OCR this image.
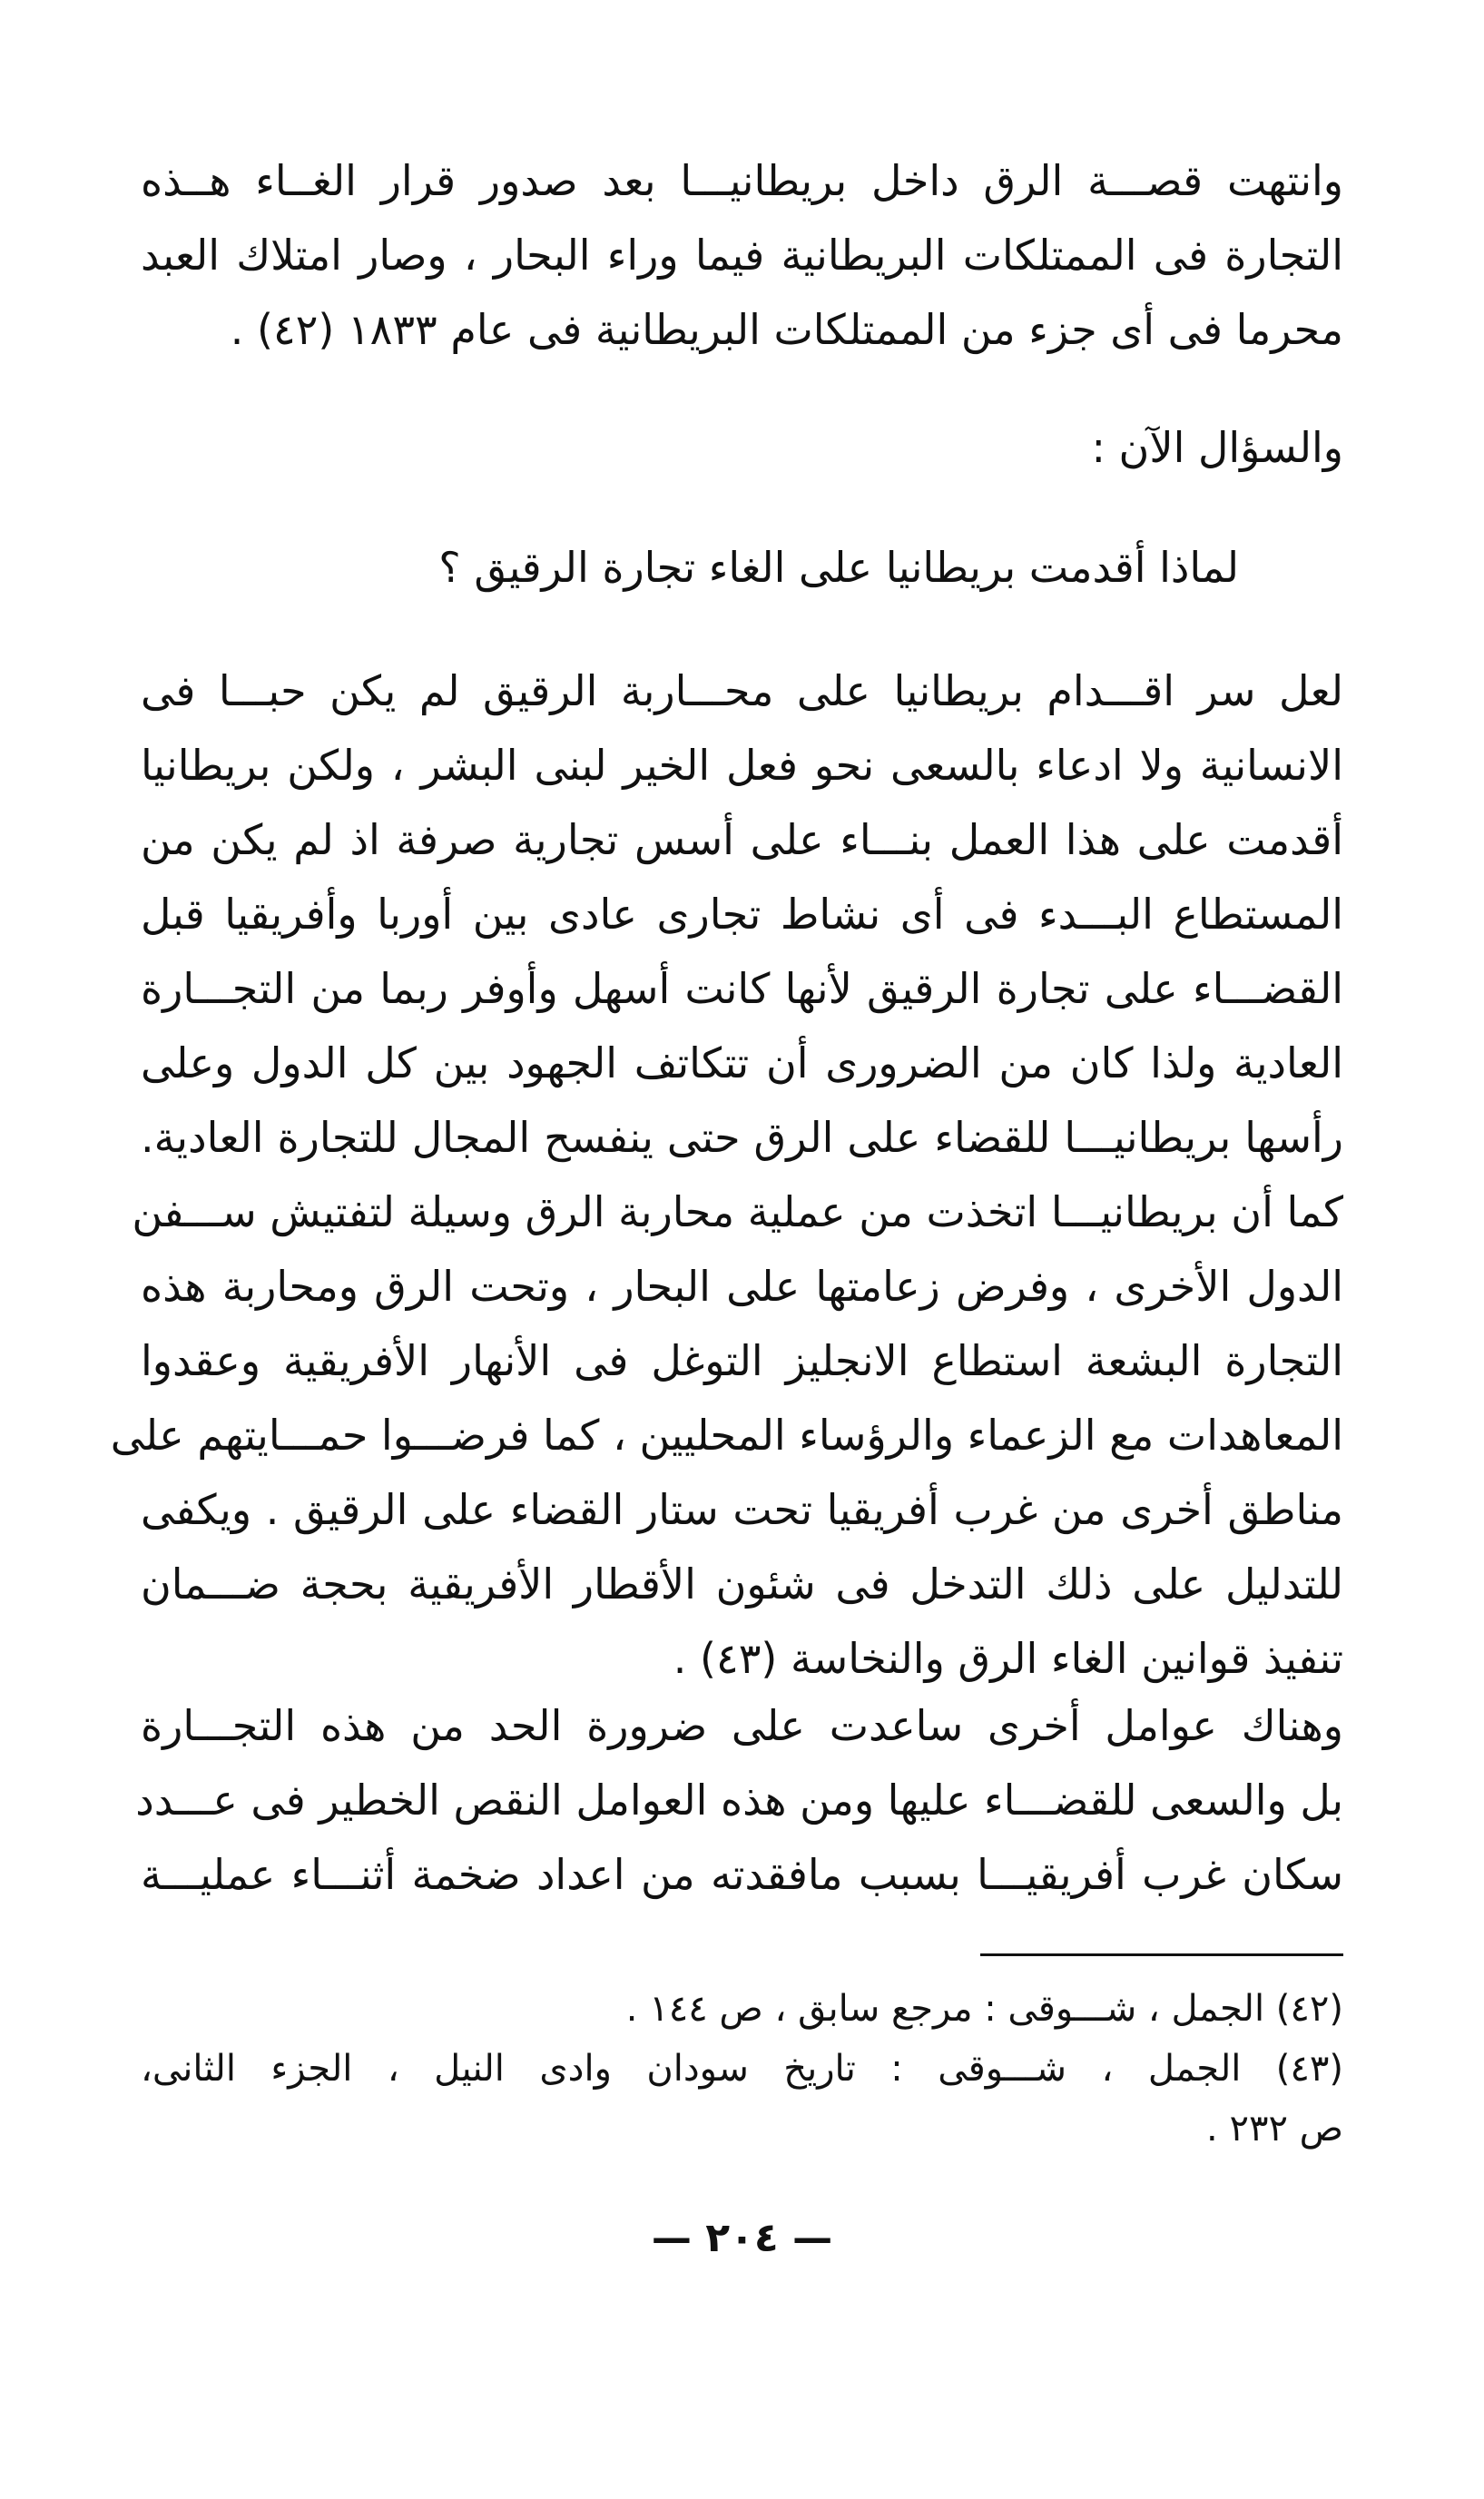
وانتهت قصـــة الرق داخل بريطانيـــا بعد صدور قرار الغــاء هــذه
التجارة فى الممتلكات البريطانية فيما وراء البحار ، وصار امتلاك العبد
محرما فى أى جزء من الممتلكات البريطانية فى عام ١٨٣٣ (٤٢) .
والسؤال الآن :
لماذا أقدمت بريطانيا على الغاء تجارة الرقيق ؟
لعل سر اقـــدام بريطانيا على محـــاربة الرقيق لم يكن حبـــا فى
الانسانية ولا ادعاء بالسعى نحو فعل الخير لبنى البشر ، ولكن بريطانيا
أقدمت على هذا العمل بنـــاء على أسس تجارية صرفة اذ لم يكن من
المستطاع البـــدء فى أى نشاط تجارى عادى بين أوربا وأفريقيا قبل
القضـــاء على تجارة الرقيق لأنها كانت أسهل وأوفر ربما من التجـــارة
العادية ولذا كان من الضرورى أن تتكاتف الجهود بين كل الدول وعلى
رأسها بريطانيـــا للقضاء على الرق حتى ينفسح المجال للتجارة العادية.
كما أن بريطانيـــا اتخذت من عملية محاربة الرق وسيلة لتفتيش ســـفن
الدول الأخرى ، وفرض زعامتها على البحار ، وتحت الرق ومحاربة هذه
التجارة البشعة استطاع الانجليز التوغل فى الأنهار الأفريقية وعقدوا
المعاهدات مع الزعماء والرؤساء المحليين ، كما فرضـــوا حمـــايتهم على
مناطق أخرى من غرب أفريقيا تحت ستار القضاء على الرقيق . ويكفى
للتدليل على ذلك التدخل فى شئون الأقطار الأفريقية بحجة ضـــمان
تنفيذ قوانين الغاء الرق والنخاسة (٤٣) .
وهناك عوامل أخرى ساعدت على ضرورة الحد من هذه التجـــارة
بل والسعى للقضـــاء عليها ومن هذه العوامل النقص الخطير فى عـــدد
سكان غرب أفريقيـــا بسبب مافقدته من اعداد ضخمة أثنـــاء عمليـــة
(٤٢) الجمل ، شـــوقى : مرجع سابق ، ص ١٤٤ .
(٤٣) الجمل ، شـــوقى : تاريخ سودان وادى النيل ، الجزء الثانى،
ص ٢٣٢ .
— ٢٠٤ —
